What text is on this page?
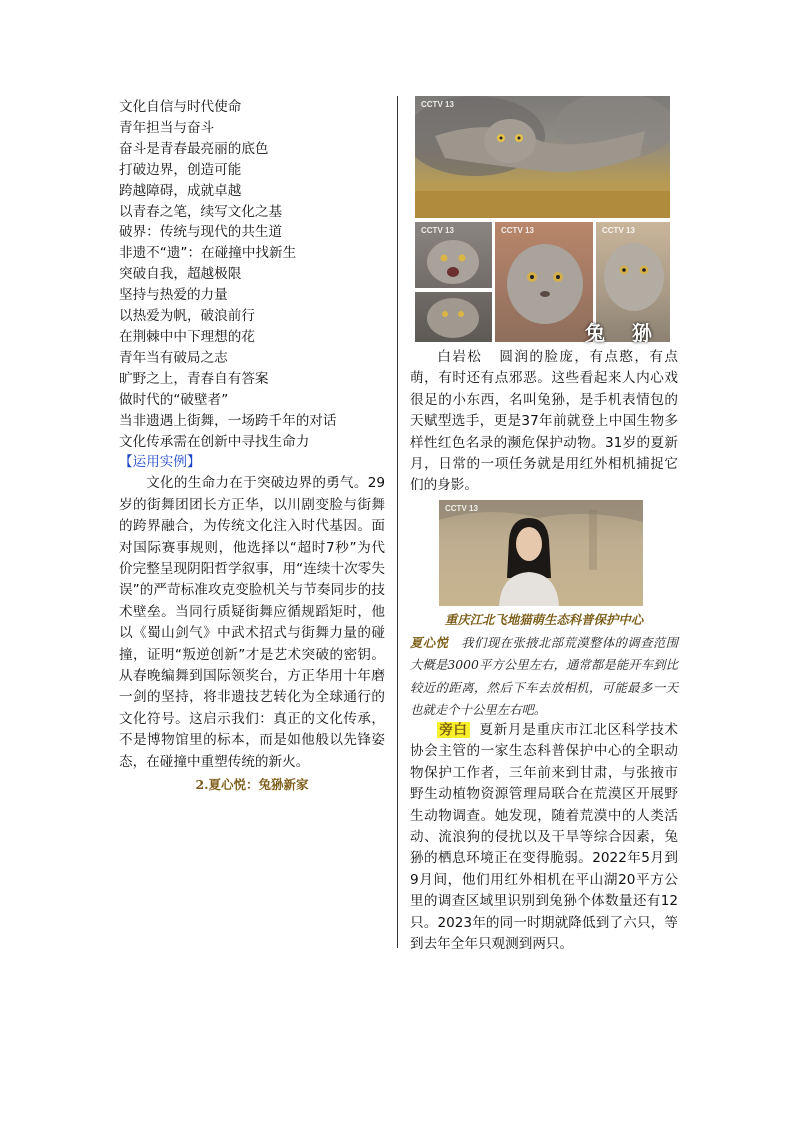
文化自信与时代使命
青年担当与奋斗
奋斗是青春最亮丽的底色
打破边界，创造可能
跨越障碍，成就卓越
以青春之笔，续写文化之基
破界：传统与现代的共生道
非遗不“遗”：在碰撞中找新生
突破自我，超越极限
坚持与热爱的力量
以热爱为帆，破浪前行
在荆棘中中下理想的花
青年当有破局之志
旷野之上，青春自有答案
做时代的“破壁者”
当非遗遇上街舞，一场跨千年的对话
文化传承需在创新中寻找生命力
【运用实例】

文化的生命力在于突破边界的勇气。29岁的街舞团团长方正华，以川剧变脸与街舞的跨界融合，为传统文化注入时代基因。面对国际赛事规则，他选择以“超时7秒”为代价完整呈现阴阳哲学叙事，用“连续十次零失误”的严苛标准攻克变脸机关与节奏同步的技术壁垒。当同行质疑街舞应循规蹈矩时，他以《蜀山剑气》中武术招式与街舞力量的碰撞，证明“叛逆创新”才是艺术突破的密钥。从春晚编舞到国际领奖台，方正华用十年磨一剑的坚持，将非遗技艺转化为全球通行的文化符号。这启示我们：真正的文化传承，不是博物馆里的标本，而是如他般以先锋姿态，在碰撞中重塑传统的新火。

2.夏心悦：兔狲新家
CCTV 13
CCTV 13	CCTV 13	CCTV 13
兔 狲

白岩松 圆润的脸庞，有点憨，有点萌，有时还有点邪恶。这些看起来人内心戏很足的小东西，名叫兔狲，是手机表情包的天赋型选手，更是37年前就登上中国生物多样性红色名录的濒危保护动物。31岁的夏新月，日常的一项任务就是用红外相机捕捉它们的身影。

CCTV 13

重庆江北飞地猫萌生态科普保护中心
夏心悦 我们现在张掖北部荒漠整体的调查范围大概是3000平方公里左右，通常都是能开车到比较近的距离，然后下车去放相机，可能最多一天也就走个十公里左右吧。

旁白 夏新月是重庆市江北区科学技术协会主管的一家生态科普保护中心的全职动物保护工作者，三年前来到甘肃，与张掖市野生动植物资源管理局联合在荒漠区开展野生动物调查。她发现，随着荒漠中的人类活动、流浪狗的侵扰以及干旱等综合因素，兔狲的栖息环境正在变得脆弱。2022年5月到9月间，他们用红外相机在平山湖20平方公里的调查区域里识别到兔狲个体数量还有12只。2023年的同一时期就降低到了六只，等到去年全年只观测到两只。
